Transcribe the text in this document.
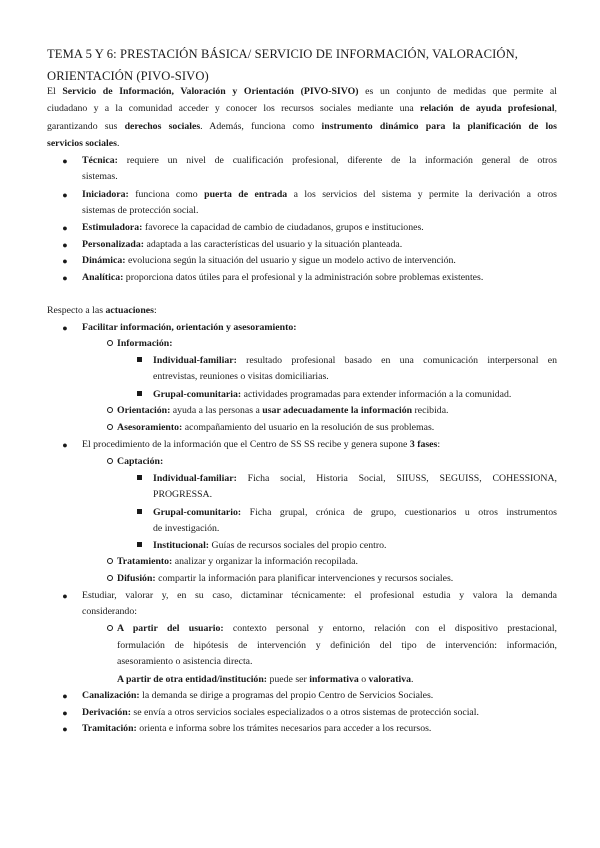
TEMA 5 Y 6: PRESTACIÓN BÁSICA/ SERVICIO DE INFORMACIÓN, VALORACIÓN, ORIENTACIÓN (PIVO-SIVO)
El Servicio de Información, Valoración y Orientación (PIVO-SIVO) es un conjunto de medidas que permite al
ciudadano y a la comunidad acceder y conocer los recursos sociales mediante una relación de ayuda profesional,
garantizando sus derechos sociales. Además, funciona como instrumento dinámico para la planificación de los
servicios sociales.
● Técnica: requiere un nivel de cualificación profesional, diferente de la información general de otros
sistemas.
● Iniciadora: funciona como puerta de entrada a los servicios del sistema y permite la derivación a otros
sistemas de protección social.
● Estimuladora: favorece la capacidad de cambio de ciudadanos, grupos e instituciones.
● Personalizada: adaptada a las características del usuario y la situación planteada.
● Dinámica: evoluciona según la situación del usuario y sigue un modelo activo de intervención.
● Analítica: proporciona datos útiles para el profesional y la administración sobre problemas existentes.
Respecto a las actuaciones:
● Facilitar información, orientación y asesoramiento:
Información:
Individual-familiar: resultado profesional basado en una comunicación interpersonal en
entrevistas, reuniones o visitas domiciliarias.
Grupal-comunitaria: actividades programadas para extender información a la comunidad.
Orientación: ayuda a las personas a usar adecuadamente la información recibida.
Asesoramiento: acompañamiento del usuario en la resolución de sus problemas.
● El procedimiento de la información que el Centro de SS SS recibe y genera supone 3 fases:
Captación:
Individual-familiar: Ficha social, Historia Social, SIIUSS, SEGUISS, COHESSIONA,
PROGRESSA.
Grupal-comunitario: Ficha grupal, crónica de grupo, cuestionarios u otros instrumentos
de investigación.
Institucional: Guías de recursos sociales del propio centro.
Tratamiento: analizar y organizar la información recopilada.
Difusión: compartir la información para planificar intervenciones y recursos sociales.
● Estudiar, valorar y, en su caso, dictaminar técnicamente: el profesional estudia y valora la demanda
considerando:
A partir del usuario: contexto personal y entorno, relación con el dispositivo prestacional,
formulación de hipótesis de intervención y definición del tipo de intervención: información,
asesoramiento o asistencia directa.
A partir de otra entidad/institución: puede ser informativa o valorativa.
● Canalización: la demanda se dirige a programas del propio Centro de Servicios Sociales.
● Derivación: se envía a otros servicios sociales especializados o a otros sistemas de protección social.
● Tramitación: orienta e informa sobre los trámites necesarios para acceder a los recursos.
